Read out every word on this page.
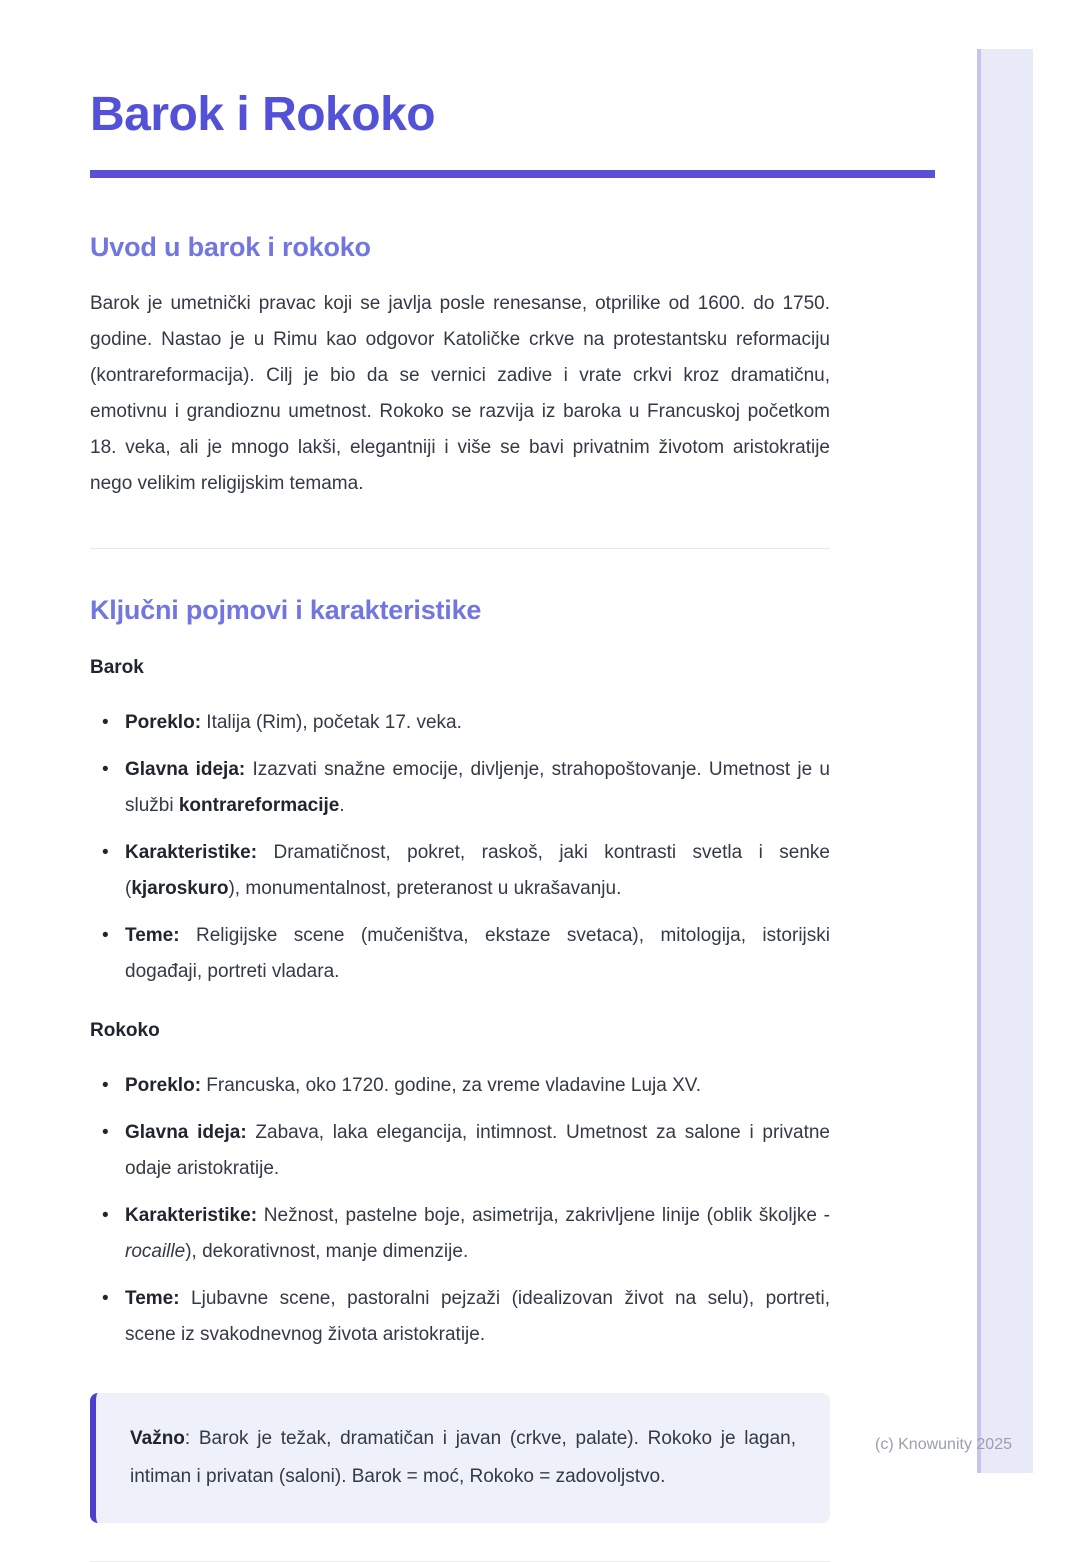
Barok i Rokoko
Uvod u barok i rokoko

Barok je umetnički pravac koji se javlja posle renesanse, otprilike od 1600. do 1750. godine. Nastao je u Rimu kao odgovor Katoličke crkve na protestantsku reformaciju (kontrareformacija). Cilj je bio da se vernici zadive i vrate crkvi kroz dramatičnu, emotivnu i grandioznu umetnost. Rokoko se razvija iz baroka u Francuskoj početkom 18. veka, ali je mnogo lakši, elegantniji i više se bavi privatnim životom aristokratije nego velikim religijskim temama.

Ključni pojmovi i karakteristike
Barok
• Poreklo: Italija (Rim), početak 17. veka.
• Glavna ideja: Izazvati snažne emocije, divljenje, strahopoštovanje. Umetnost je u službi kontrareformacije.
• Karakteristike: Dramatičnost, pokret, raskoš, jaki kontrasti svetla i senke (kjaroskuro), monumentalnost, preteranost u ukrašavanju.
• Teme: Religijske scene (mučeništva, ekstaze svetaca), mitologija, istorijski događaji, portreti vladara.
Rokoko
• Poreklo: Francuska, oko 1720. godine, za vreme vladavine Luja XV.
• Glavna ideja: Zabava, laka elegancija, intimnost. Umetnost za salone i privatne odaje aristokratije.
• Karakteristike: Nežnost, pastelne boje, asimetrija, zakrivljene linije (oblik školjke - rocaille), dekorativnost, manje dimenzije.
• Teme: Ljubavne scene, pastoralni pejzaži (idealizovan život na selu), portreti, scene iz svakodnevnog života aristokratije.
Važno: Barok je težak, dramatičan i javan (crkve, palate). Rokoko je lagan, intiman i privatan (saloni). Barok = moć, Rokoko = zadovoljstvo.
(c) Knowunity 2025
